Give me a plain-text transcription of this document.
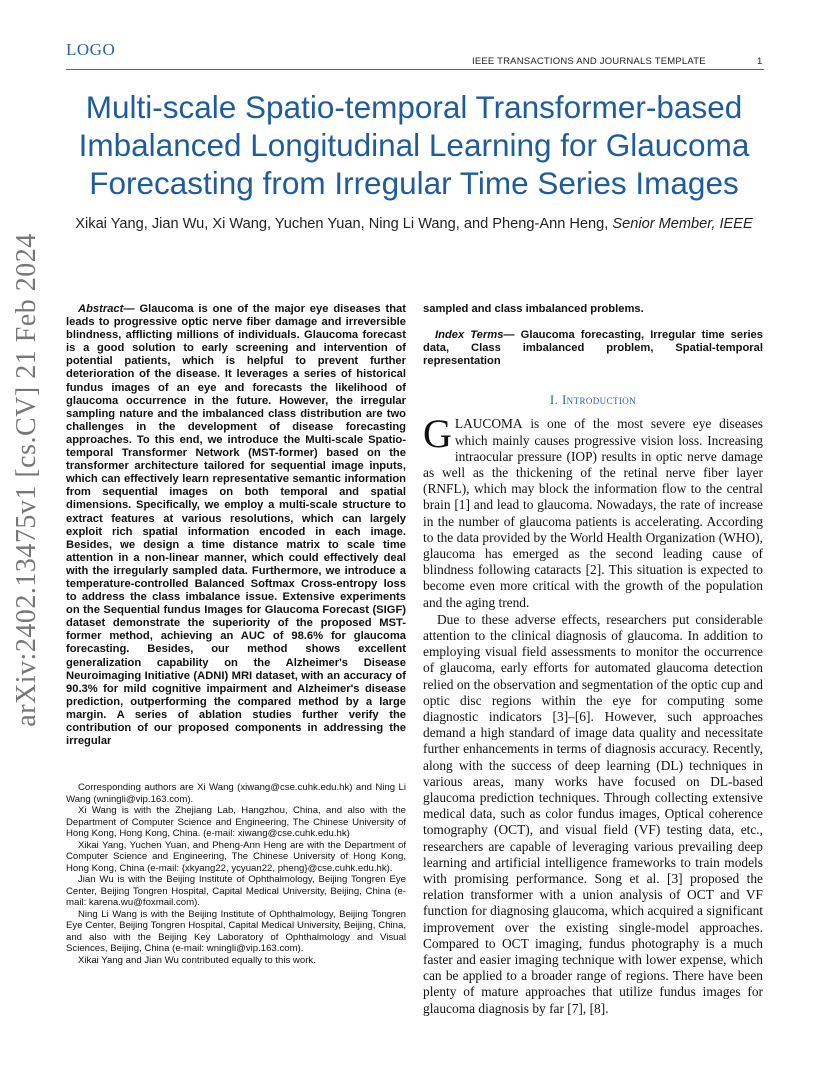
LOGO
IEEE TRANSACTIONS AND JOURNALS TEMPLATE	1
Multi-scale Spatio-temporal Transformer-based Imbalanced Longitudinal Learning for Glaucoma Forecasting from Irregular Time Series Images
Xikai Yang, Jian Wu, Xi Wang, Yuchen Yuan, Ning Li Wang, and Pheng-Ann Heng, Senior Member, IEEE
arXiv:2402.13475v1 [cs.CV] 21 Feb 2024	Abstract— Glaucoma is one of the major eye diseases that leads to progressive optic nerve fiber damage and irreversible blindness, afflicting millions of individuals. Glaucoma forecast is a good solution to early screening and intervention of potential patients, which is helpful to prevent further deterioration of the disease. It leverages a series of historical fundus images of an eye and forecasts the likelihood of glaucoma occurrence in the future. However, the irregular sampling nature and the imbalanced class distribution are two challenges in the development of disease forecasting approaches. To this end, we introduce the Multi-scale Spatio-temporal Transformer Network (MST-former) based on the transformer architecture tailored for sequential image inputs, which can effectively learn representative semantic information from sequential images on both temporal and spatial dimensions. Specifically, we employ a multi-scale structure to extract features at various resolutions, which can largely exploit rich spatial information encoded in each image. Besides, we design a time distance matrix to scale time attention in a non-linear manner, which could effectively deal with the irregularly sampled data. Furthermore, we introduce a temperature-controlled Balanced Softmax Cross-entropy loss to address the class imbalance issue. Extensive experiments on the Sequential fundus Images for Glaucoma Forecast (SIGF) dataset demonstrate the superiority of the proposed MST-former method, achieving an AUC of 98.6% for glaucoma forecasting. Besides, our method shows excellent generalization capability on the Alzheimer's Disease Neuroimaging Initiative (ADNI) MRI dataset, with an accuracy of 90.3% for mild cognitive impairment and Alzheimer's disease prediction, outperforming the compared method by a large margin. A series of ablation studies further verify the contribution of our proposed components in addressing the irregular

Corresponding authors are Xi Wang (xiwang@cse.cuhk.edu.hk) and Ning Li Wang (wningli@vip.163.com).

Xi Wang is with the Zhejiang Lab, Hangzhou, China, and also with the Department of Computer Science and Engineering, The Chinese University of Hong Kong, Hong Kong, China. (e-mail: xiwang@cse.cuhk.edu.hk)

Xikai Yang, Yuchen Yuan, and Pheng-Ann Heng are with the Department of Computer Science and Engineering, The Chinese University of Hong Kong, Hong Kong, China (e-mail: {xkyang22, ycyuan22, pheng}@cse.cuhk.edu.hk).

Jian Wu is with the Beijing Institute of Ophthalmology, Beijing Tongren Eye Center, Beijing Tongren Hospital, Capital Medical University, Beijing, China (e-mail: karena.wu@foxmail.com).

Ning Li Wang is with the Beijing Institute of Ophthalmology, Beijing Tongren Eye Center, Beijing Tongren Hospital, Capital Medical University, Beijing, China, and also with the Beijing Key Laboratory of Ophthalmology and Visual Sciences, Beijing, China (e-mail: wningli@vip.163.com).

Xikai Yang and Jian Wu contributed equally to this work.

sampled and class imbalanced problems.

Index Terms— Glaucoma forecasting, Irregular time series data, Class imbalanced problem, Spatial-temporal representation

I. Introduction

GLAUCOMA is one of the most severe eye diseases which mainly causes progressive vision loss. Increasing intraocular pressure (IOP) results in optic nerve damage as well as the thickening of the retinal nerve fiber layer (RNFL), which may block the information flow to the central brain [1] and lead to glaucoma. Nowadays, the rate of increase in the number of glaucoma patients is accelerating. According to the data provided by the World Health Organization (WHO), glaucoma has emerged as the second leading cause of blindness following cataracts [2]. This situation is expected to become even more critical with the growth of the population and the aging trend.

Due to these adverse effects, researchers put considerable attention to the clinical diagnosis of glaucoma. In addition to employing visual field assessments to monitor the occurrence of glaucoma, early efforts for automated glaucoma detection relied on the observation and segmentation of the optic cup and optic disc regions within the eye for computing some diagnostic indicators [3]–[6]. However, such approaches demand a high standard of image data quality and necessitate further enhancements in terms of diagnosis accuracy. Recently, along with the success of deep learning (DL) techniques in various areas, many works have focused on DL-based glaucoma prediction techniques. Through collecting extensive medical data, such as color fundus images, Optical coherence tomography (OCT), and visual field (VF) testing data, etc., researchers are capable of leveraging various prevailing deep learning and artificial intelligence frameworks to train models with promising performance. Song et al. [3] proposed the relation transformer with a union analysis of OCT and VF function for diagnosing glaucoma, which acquired a significant improvement over the existing single-model approaches. Compared to OCT imaging, fundus photography is a much faster and easier imaging technique with lower expense, which can be applied to a broader range of regions. There have been plenty of mature approaches that utilize fundus images for glaucoma diagnosis by far [7], [8].
